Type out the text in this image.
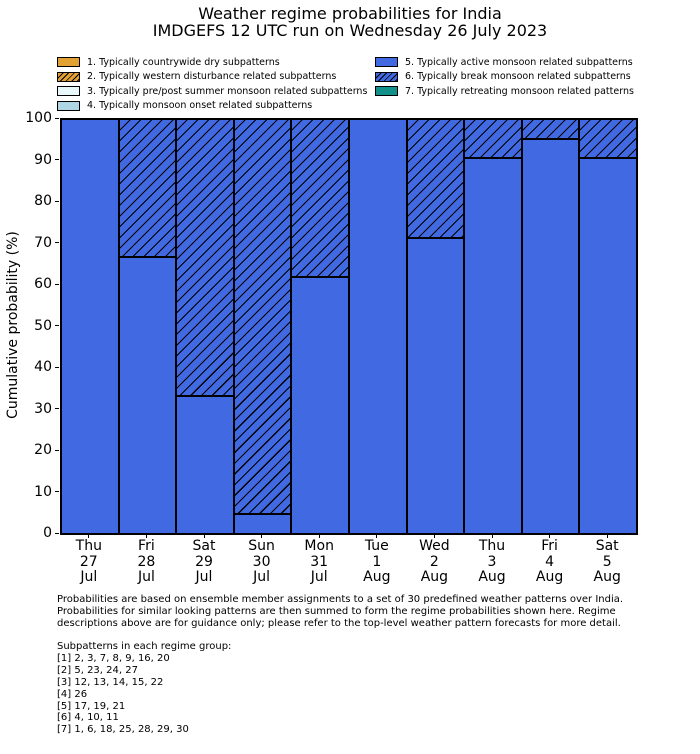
Weather regime probabilities for India
IMDGEFS 12 UTC run on Wednesday 26 July 2023
1. Typically countrywide dry subpatterns
2. Typically western disturbance related subpatterns
3. Typically pre/post summer monsoon related subpatterns
4. Typically monsoon onset related subpatterns
5. Typically active monsoon related subpatterns
6. Typically break monsoon related subpatterns
7. Typically retreating monsoon related patterns
Cumulative probability (%)
Probabilities are based on ensemble member assignments to a set of 30 predefined weather patterns over India.
Probabilities for similar looking patterns are then summed to form the regime probabilities shown here. Regime
descriptions above are for guidance only; please refer to the top-level weather pattern forecasts for more detail.
Subpatterns in each regime group:
[1] 2, 3, 7, 8, 9, 16, 20
[2] 5, 23, 24, 27
[3] 12, 13, 14, 15, 22
[4] 26
[5] 17, 19, 21
[6] 4, 10, 11
[7] 1, 6, 18, 25, 28, 29, 30
0
10
20
30
40
50
60
70
80
90
100
Thu
27
Jul
Fri
28
Jul
Sat
29
Jul
Sun
30
Jul
Mon
31
Jul
Tue
1
Aug
Wed
2
Aug
Thu
3
Aug
Fri
4
Aug
Sat
5
Aug
